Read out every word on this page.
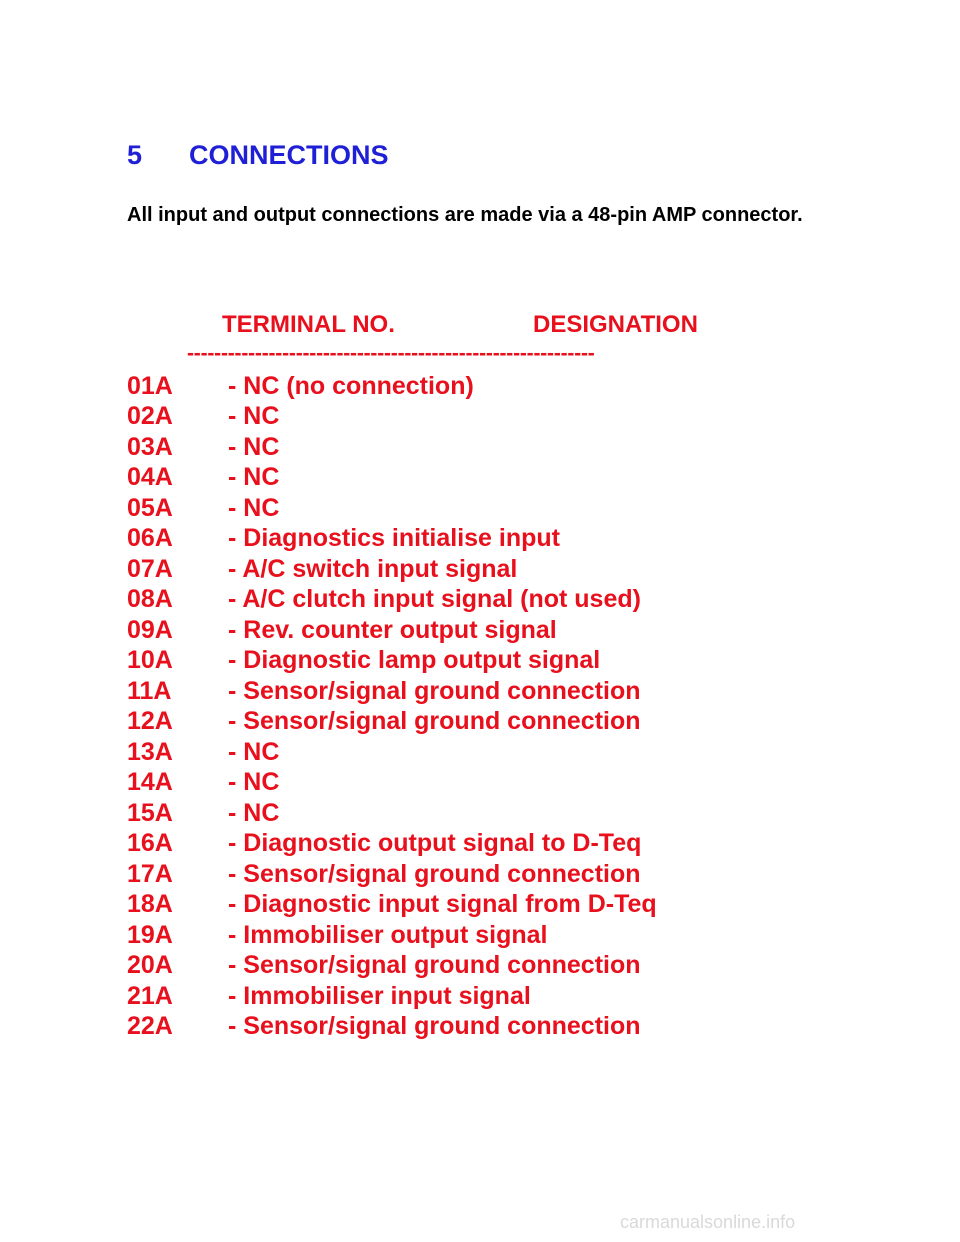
5 CONNECTIONS

All input and output connections are made via a 48-pin AMP connector.

TERMINAL NO.	DESIGNATION
------------------------------------------------------------
01A	- NC (no connection)
02A	- NC
03A	- NC
04A	- NC
05A	- NC
06A	- Diagnostics initialise input
07A	- A/C switch input signal
08A	- A/C clutch input signal (not used)
09A	- Rev. counter output signal
10A	- Diagnostic lamp output signal
11A	- Sensor/signal ground connection
12A	- Sensor/signal ground connection
13A	- NC
14A	- NC
15A	- NC
16A	- Diagnostic output signal to D-Teq
17A	- Sensor/signal ground connection
18A	- Diagnostic input signal from D-Teq
19A	- Immobiliser output signal
20A	- Sensor/signal ground connection
21A	- Immobiliser input signal
22A	- Sensor/signal ground connection
carmanualsonline.info
